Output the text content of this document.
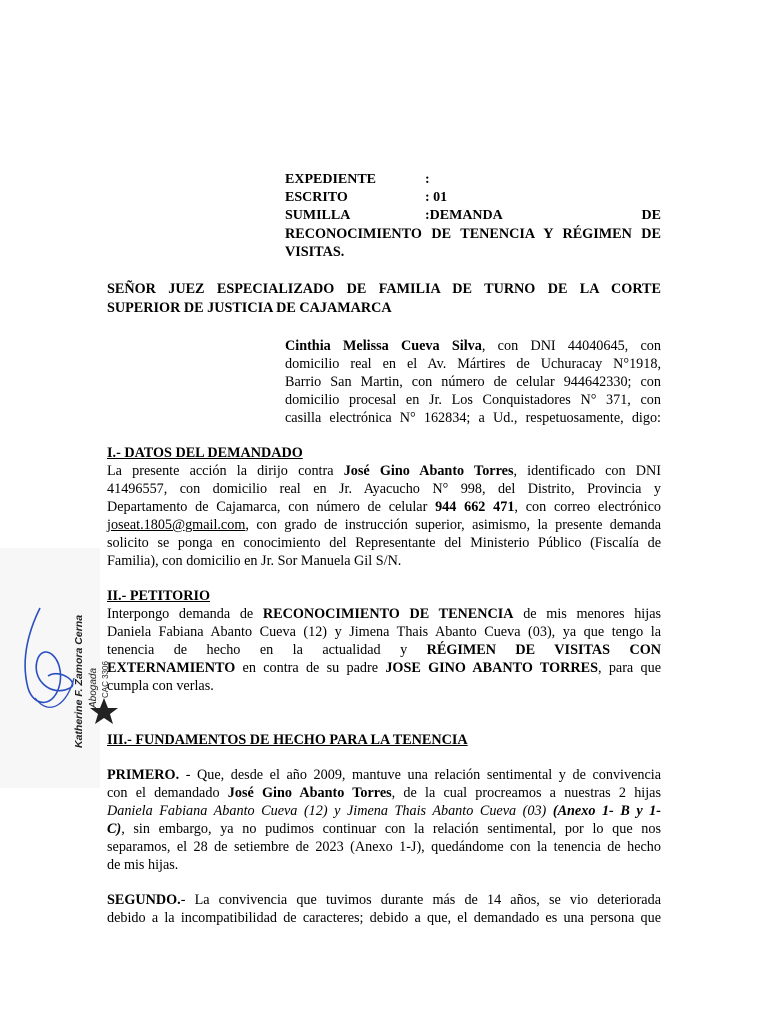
EXPEDIENTE	:
ESCRITO	: 01
SUMILLA	:DEMANDA	DE
RECONOCIMIENTO DE TENENCIA Y RÉGIMEN DE
VISITAS.
SEÑOR JUEZ ESPECIALIZADO DE FAMILIA DE TURNO DE LA CORTE
SUPERIOR DE JUSTICIA DE CAJAMARCA
Cinthia Melissa Cueva Silva, con DNI 44040645, con
domicilio real en el Av. Mártires de Uchuracay N°1918,
Barrio San Martin, con número de celular 944642330; con
domicilio procesal en Jr. Los Conquistadores N° 371, con
casilla electrónica N° 162834; a Ud., respetuosamente, digo:
I.- DATOS DEL DEMANDADO
La presente acción la dirijo contra José Gino Abanto Torres, identificado con DNI
41496557, con domicilio real en Jr. Ayacucho N° 998, del Distrito, Provincia y
Departamento de Cajamarca, con número de celular 944 662 471, con correo electrónico
joseat.1805@gmail.com, con grado de instrucción superior, asimismo, la presente demanda
solicito se ponga en conocimiento del Representante del Ministerio Público (Fiscalía de
Familia), con domicilio en Jr. Sor Manuela Gil S/N.
II.- PETITORIO
Interpongo demanda de RECONOCIMIENTO DE TENENCIA de mis menores hijas
Daniela Fabiana Abanto Cueva (12) y Jimena Thais Abanto Cueva (03), ya que tengo la
tenencia de hecho en la actualidad y RÉGIMEN DE VISITAS CON
EXTERNAMIENTO en contra de su padre JOSE GINO ABANTO TORRES, para que
cumpla con verlas.
III.- FUNDAMENTOS DE HECHO PARA LA TENENCIA
PRIMERO. - Que, desde el año 2009, mantuve una relación sentimental y de convivencia
con el demandado José Gino Abanto Torres, de la cual procreamos a nuestras 2 hijas
Daniela Fabiana Abanto Cueva (12) y Jimena Thais Abanto Cueva (03) (Anexo 1- B y 1-
C), sin embargo, ya no pudimos continuar con la relación sentimental, por lo que nos
separamos, el 28 de setiembre de 2023 (Anexo 1-J), quedándome con la tenencia de hecho
de mis hijas.
SEGUNDO.- La convivencia que tuvimos durante más de 14 años, se vio deteriorada
debido a la incompatibilidad de caracteres; debido a que, el demandado es una persona que
Katherine F. Zamora Cerna Abogada CAC 3306
